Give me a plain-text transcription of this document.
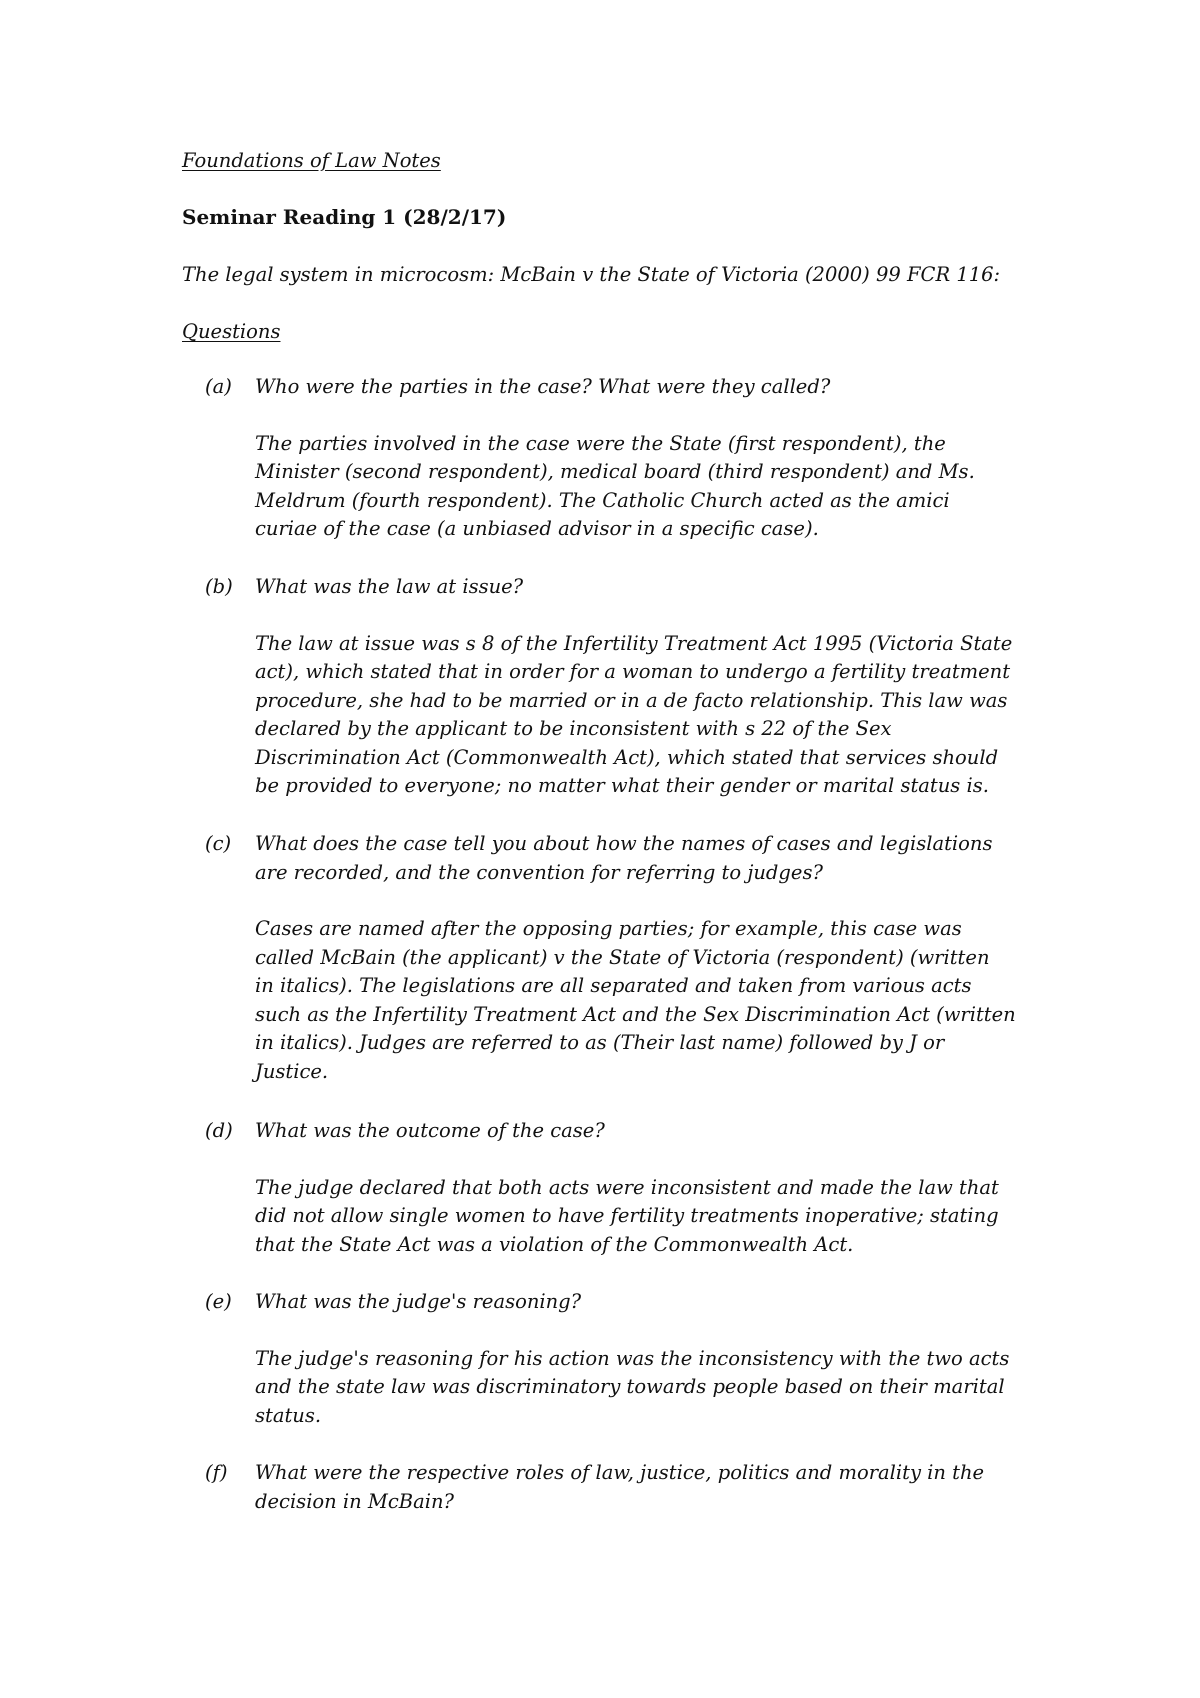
Foundations of Law Notes
Seminar Reading 1 (28/2/17)
The legal system in microcosm: McBain v the State of Victoria (2000) 99 FCR 116:
Questions
(a) Who were the parties in the case? What were they called?
The parties involved in the case were the State (first respondent), the
Minister (second respondent), medical board (third respondent) and Ms.
Meldrum (fourth respondent). The Catholic Church acted as the amici
curiae of the case (a unbiased advisor in a specific case).
(b) What was the law at issue?
The law at issue was s 8 of the Infertility Treatment Act 1995 (Victoria State
act), which stated that in order for a woman to undergo a fertility treatment
procedure, she had to be married or in a de facto relationship. This law was
declared by the applicant to be inconsistent with s 22 of the Sex
Discrimination Act (Commonwealth Act), which stated that services should
be provided to everyone; no matter what their gender or marital status is.
(c) What does the case tell you about how the names of cases and legislations
are recorded, and the convention for referring to judges?
Cases are named after the opposing parties; for example, this case was
called McBain (the applicant) v the State of Victoria (respondent) (written
in italics). The legislations are all separated and taken from various acts
such as the Infertility Treatment Act and the Sex Discrimination Act (written
in italics). Judges are referred to as (Their last name) followed by J or
Justice.
(d) What was the outcome of the case?
The judge declared that both acts were inconsistent and made the law that
did not allow single women to have fertility treatments inoperative; stating
that the State Act was a violation of the Commonwealth Act.
(e) What was the judge's reasoning?
The judge's reasoning for his action was the inconsistency with the two acts
and the state law was discriminatory towards people based on their marital
status.
(f) What were the respective roles of law, justice, politics and morality in the
decision in McBain?
